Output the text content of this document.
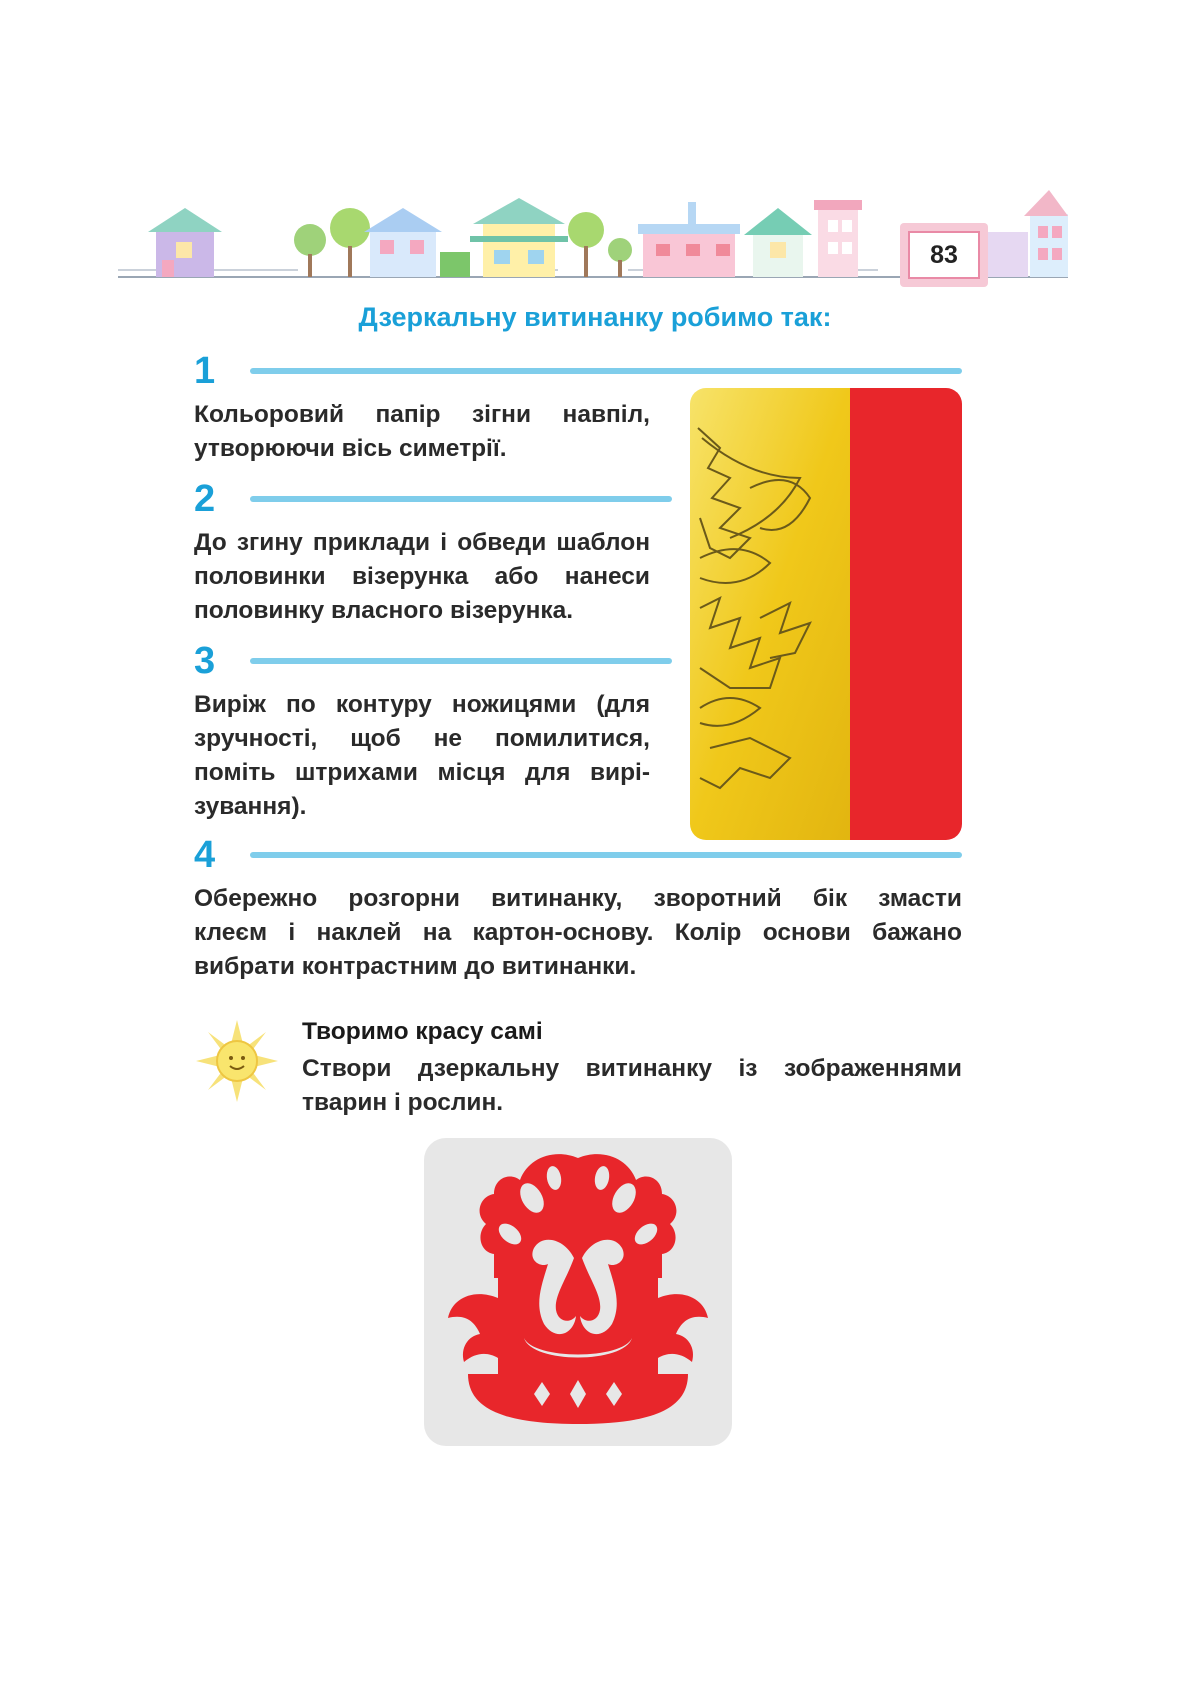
83
Дзеркальну витинанку робимо так:
1
Кольоровий папір зігни навпіл,
утворюючи вісь симетрії.
2
До згину приклади і обведи шаблон
половинки візерунка або нанеси
половинку власного візерунка.
3
Виріж по контуру ножицями (для
зручності, щоб не помилитися,
поміть штрихами місця для вирі-
зування).
4
Обережно розгорни витинанку, зворотний бік змасти
клеєм і наклей на картон-основу. Колір основи бажано
вибрати контрастним до витинанки.
Творимо красу самі
Створи дзеркальну витинанку із зображеннями
тварин і рослин.
